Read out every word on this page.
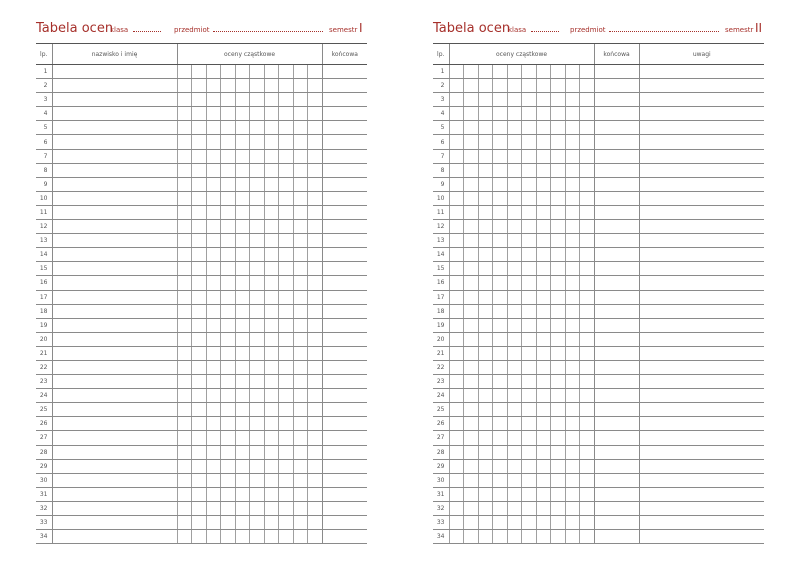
Tabela ocen
klasa	przedmiot	semestr I
lp.	nazwisko i imię	oceny cząstkowe										końcowa
1												
2												
3												
4												
5												
6												
7												
8												
9												
10												
11												
12												
13												
14												
15												
16												
17												
18												
19												
20												
21												
22												
23												
24												
25												
26												
27												
28												
29												
30												
31												
32												
33												
34												
Tabela ocen
klasa	przedmiot	semestr II
lp.	oceny cząstkowe										końcowa	uwagi
1												
2												
3												
4												
5												
6												
7												
8												
9												
10												
11												
12												
13												
14												
15												
16												
17												
18												
19												
20												
21												
22												
23												
24												
25												
26												
27												
28												
29												
30												
31												
32												
33												
34												
